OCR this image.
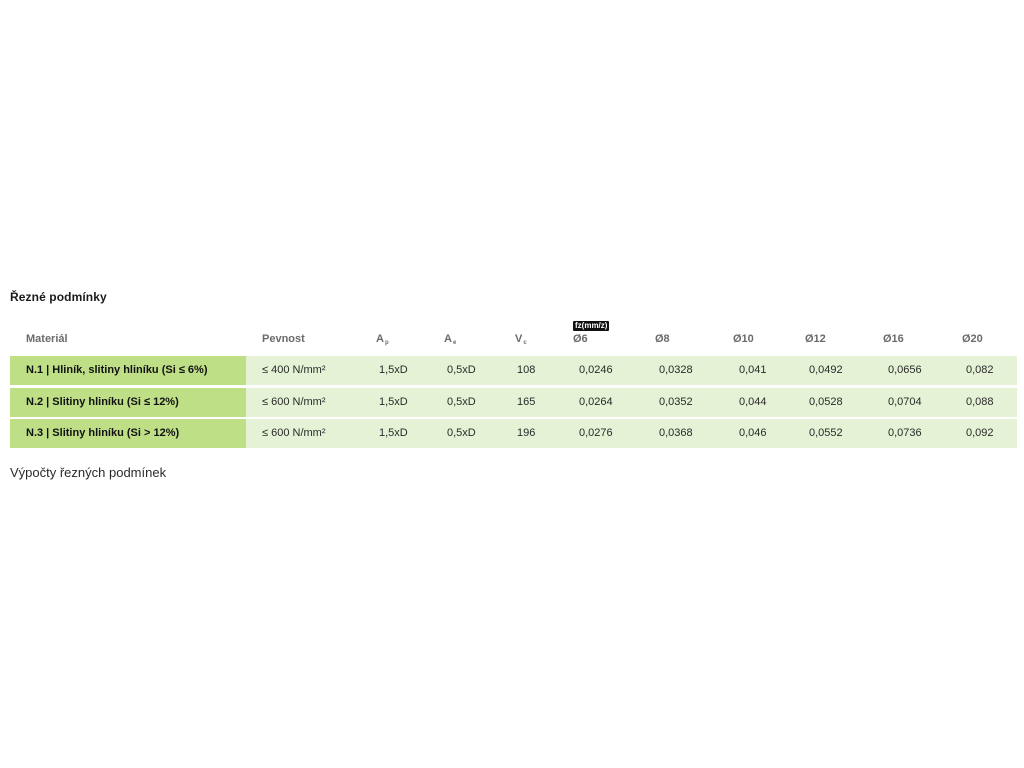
Řezné podmínky
fz(mm/z)
Materiál	Pevnost	$A_p$	$A_e$	$V_c$	Ø6	Ø8	Ø10	Ø12	Ø16	Ø20
N.1 | Hliník, slitiny hliníku (Si ≤ 6%)	≤ 400 N/mm²	1,5xD	0,5xD	108	0,0246	0,0328	0,041	0,0492	0,0656	0,082
N.2 | Slitiny hliníku (Si ≤ 12%)	≤ 600 N/mm²	1,5xD	0,5xD	165	0,0264	0,0352	0,044	0,0528	0,0704	0,088
N.3 | Slitiny hliníku (Si > 12%)	≤ 600 N/mm²	1,5xD	0,5xD	196	0,0276	0,0368	0,046	0,0552	0,0736	0,092
Výpočty řezných podmínek
